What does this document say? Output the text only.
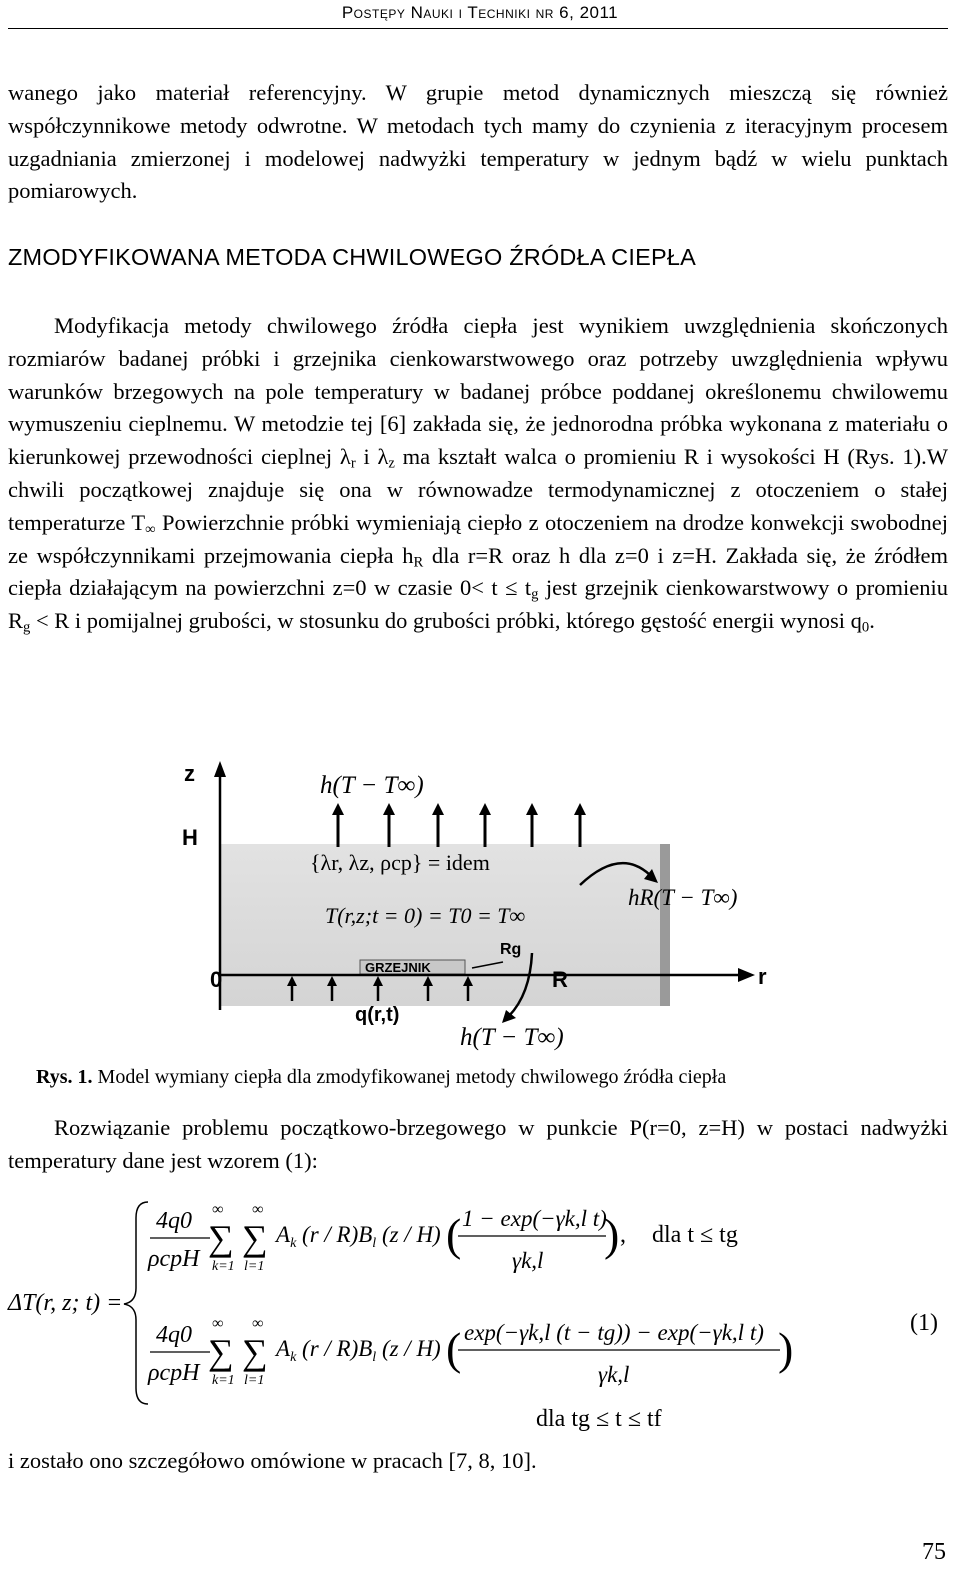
Postępy Nauki i Techniki nr 6, 2011
wanego jako materiał referencyjny. W grupie metod dynamicznych mieszczą się również współczynnikowe metody odwrotne. W metodach tych mamy do czynienia z iteracyjnym procesem uzgadniania zmierzonej i modelowej nadwyżki temperatury w jednym bądź w wielu punktach pomiarowych.
ZMODYFIKOWANA METODA CHWILOWEGO ŹRÓDŁA CIEPŁA
Modyfikacja metody chwilowego źródła ciepła jest wynikiem uwzględnienia skończonych rozmiarów badanej próbki i grzejnika cienkowarstwowego oraz potrzeby uwzględnienia wpływu warunków brzegowych na pole temperatury w badanej próbce poddanej określonemu chwilowemu wymuszeniu cieplnemu. W metodzie tej [6] zakłada się, że jednorodna próbka wykonana z materiału o kierunkowej przewodności cieplnej $\lambda_r$ i $\lambda_z$ ma kształt walca o promieniu R i wysokości H (Rys. 1).W chwili początkowej znajduje się ona w równowadze termodynamicznej z otoczeniem o stałej temperaturze $T_\infty$ Powierzchnie próbki wymieniają ciepło z otoczeniem na drodze konwekcji swobodnej ze współczynnikami przejmowania ciepła $h_R$ dla r=R oraz h dla z=0 i z=H. Zakłada się, że źródłem ciepła działającym na powierzchni z=0 w czasie $0< t \le t_g$ jest grzejnik cienkowarstwowy o promieniu $R_g < R$ i pomijalnej grubości, w stosunku do grubości próbki, którego gęstość energii wynosi $q_0$.
GRZEJNIK	r
z
H
0
Rg
R
h(T − T∞)
{λr, λz, ρcp} = idem
T(r,z;t = 0) = T0 = T∞
hR(T − T∞)
q(r,t)
h(T − T∞)
Rys. 1. Model wymiany ciepła dla zmodyfikowanej metody chwilowego źródła ciepła
Rozwiązanie problemu początkowo-brzegowego w punkcie P(r=0, z=H) w postaci nadwyżki temperatury dane jest wzorem (1):
ΔT(r, z; t) =
4q0
ρcpH
∞ ∞
∑ ∑
k=1 l=1
$A_k$ $(r / R)B_l$ (z / H) ( 1 − exp(−γk,l t)
γk,l
) , dla t ≤ tg
4q0
ρcpH
∞ ∞
∑ ∑
k=1 l=1
$A_k$ $(r / R)B_l$ (z / H) ( exp(−γk,l (t − tg)) − exp(−γk,l t)
γk,l
)	(1)
dla tg ≤ t ≤ tf
i zostało ono szczegółowo omówione w pracach [7, 8, 10].
75
